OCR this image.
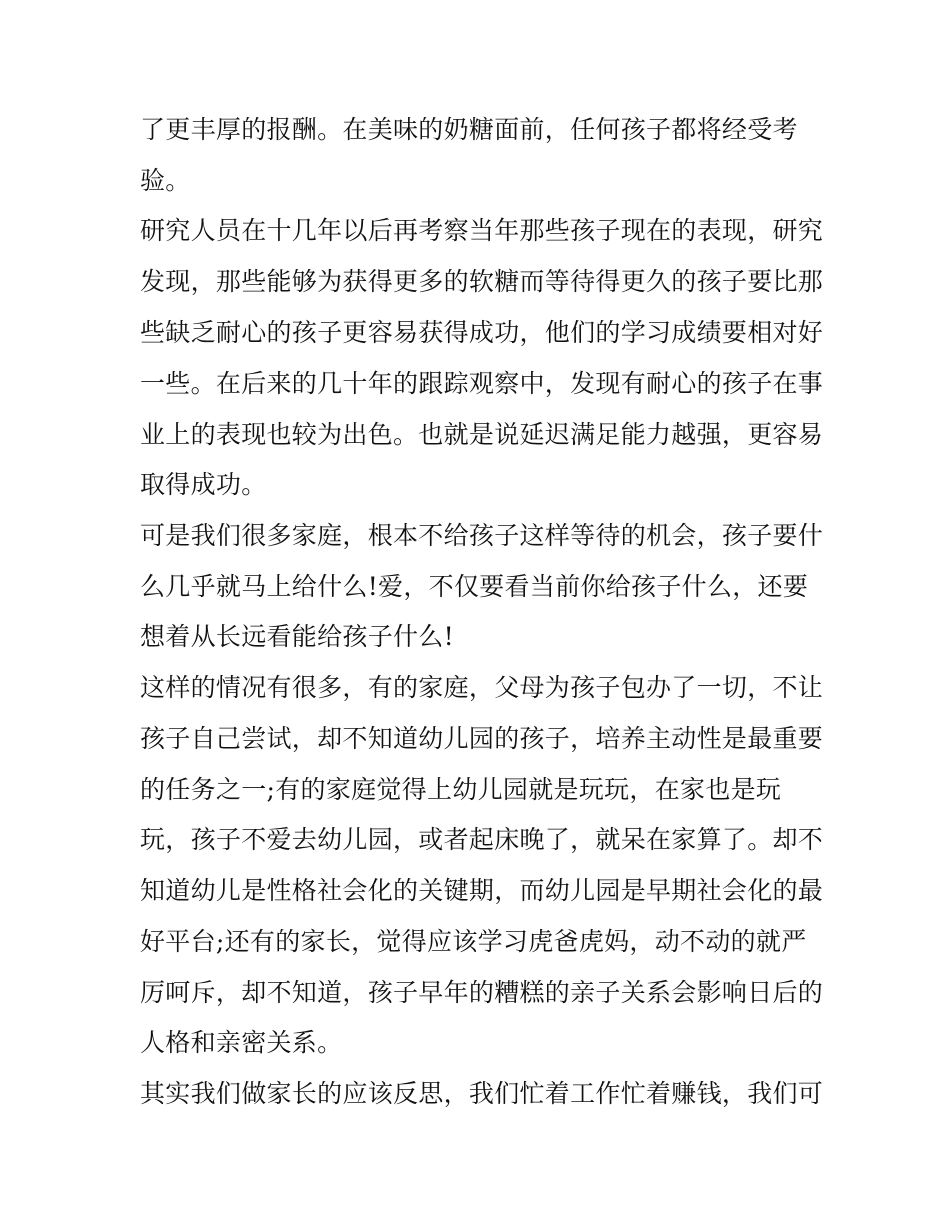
了更丰厚的报酬。在美味的奶糖面前，任何孩子都将经受考
验。
研究人员在十几年以后再考察当年那些孩子现在的表现，研究
发现，那些能够为获得更多的软糖而等待得更久的孩子要比那
些缺乏耐心的孩子更容易获得成功，他们的学习成绩要相对好
一些。在后来的几十年的跟踪观察中，发现有耐心的孩子在事
业上的表现也较为出色。也就是说延迟满足能力越强，更容易
取得成功。
可是我们很多家庭，根本不给孩子这样等待的机会，孩子要什
么几乎就马上给什么!爱，不仅要看当前你给孩子什么，还要
想着从长远看能给孩子什么!
这样的情况有很多，有的家庭，父母为孩子包办了一切，不让
孩子自己尝试，却不知道幼儿园的孩子，培养主动性是最重要
的任务之一;有的家庭觉得上幼儿园就是玩玩，在家也是玩
玩，孩子不爱去幼儿园，或者起床晚了，就呆在家算了。却不
知道幼儿是性格社会化的关键期，而幼儿园是早期社会化的最
好平台;还有的家长，觉得应该学习虎爸虎妈，动不动的就严
厉呵斥，却不知道，孩子早年的糟糕的亲子关系会影响日后的
人格和亲密关系。
其实我们做家长的应该反思，我们忙着工作忙着赚钱，我们可
